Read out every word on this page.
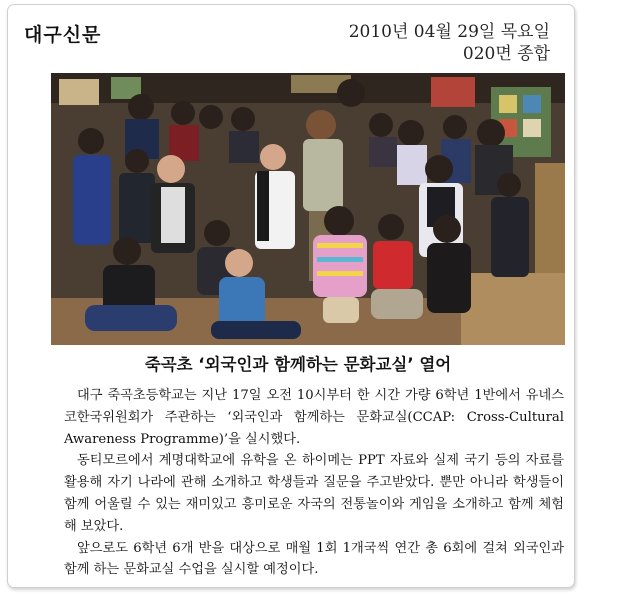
대구신문	2010년 04월 29일 목요일
020면 종합
죽곡초 ‘외국인과 함께하는 문화교실’ 열어

대구 죽곡초등학교는 지난 17일 오전 10시부터 한 시간 가량 6학년 1반에서 유네스코한국위원회가 주관하는 ‘외국인과 함께하는 문화교실(CCAP: Cross-Cultural Awareness Programme)’을 실시했다.

동티모르에서 계명대학교에 유학을 온 하이메는 PPT 자료와 실제 국기 등의 자료를 활용해 자기 나라에 관해 소개하고 학생들과 질문을 주고받았다. 뿐만 아니라 학생들이 함께 어울릴 수 있는 재미있고 흥미로운 자국의 전통놀이와 게임을 소개하고 함께 체험해 보았다.

앞으로도 6학년 6개 반을 대상으로 매월 1회 1개국씩 연간 총 6회에 걸쳐 외국인과 함께 하는 문화교실 수업을 실시할 예정이다.
